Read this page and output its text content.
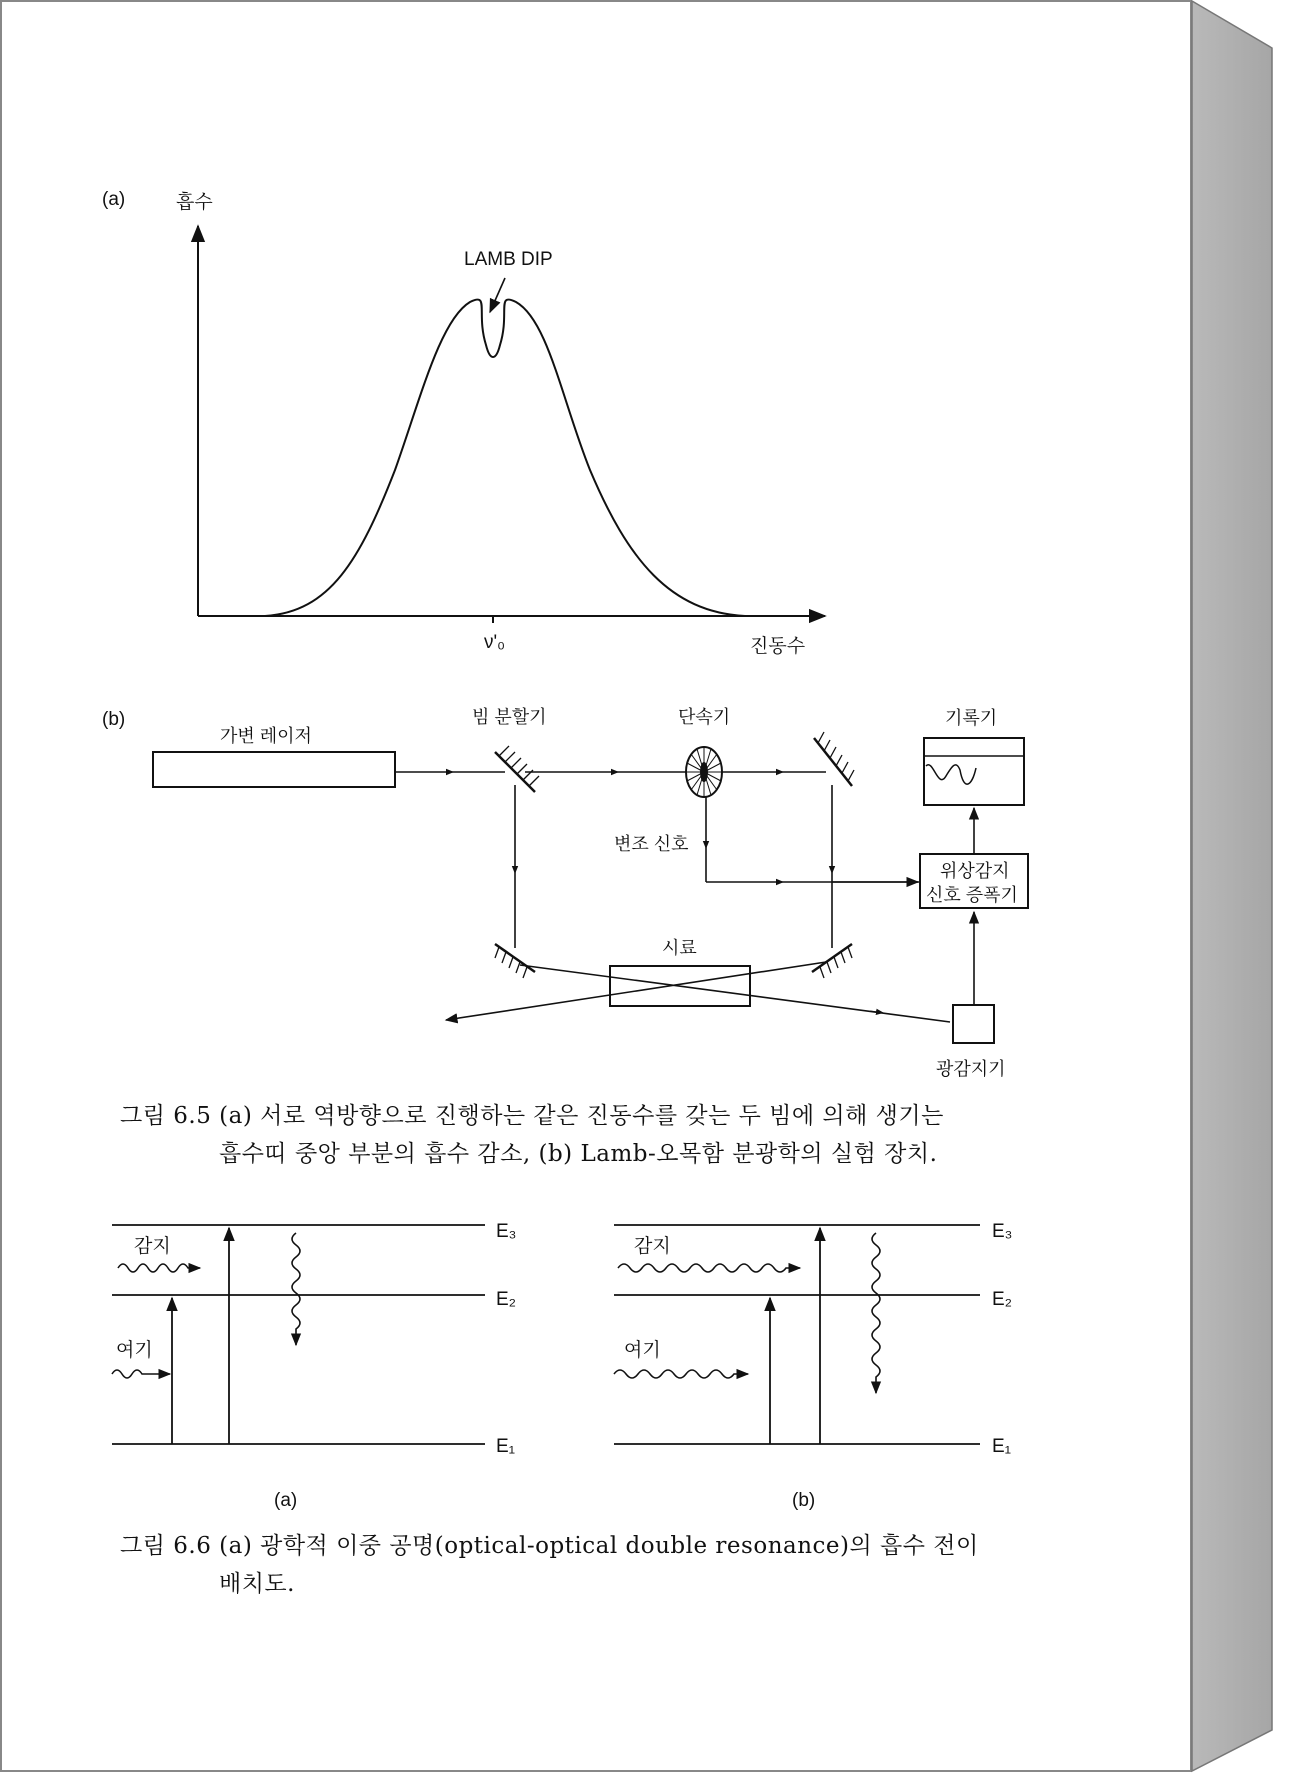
(a)	흡수
LAMB DIP
ν'₀	진동수
(b)
가변 레이저
빔 분할기	단속기
변조 신호
위상감지
신호 증폭기
기록기
시료
광감지기

그림 6.5 (a) 서로 역방향으로 진행하는 같은 진동수를 갖는 두 빔에 의해 생기는

흡수띠 중앙 부분의 흡수 감소, (b) Lamb-오목함 분광학의 실험 장치.

E₃
E₂
E₁
감지
여기
(a)
E₃
E₂
E₁
감지
여기
(b)

그림 6.6 (a) 광학적 이중 공명(optical-optical double resonance)의 흡수 전이

배치도.
